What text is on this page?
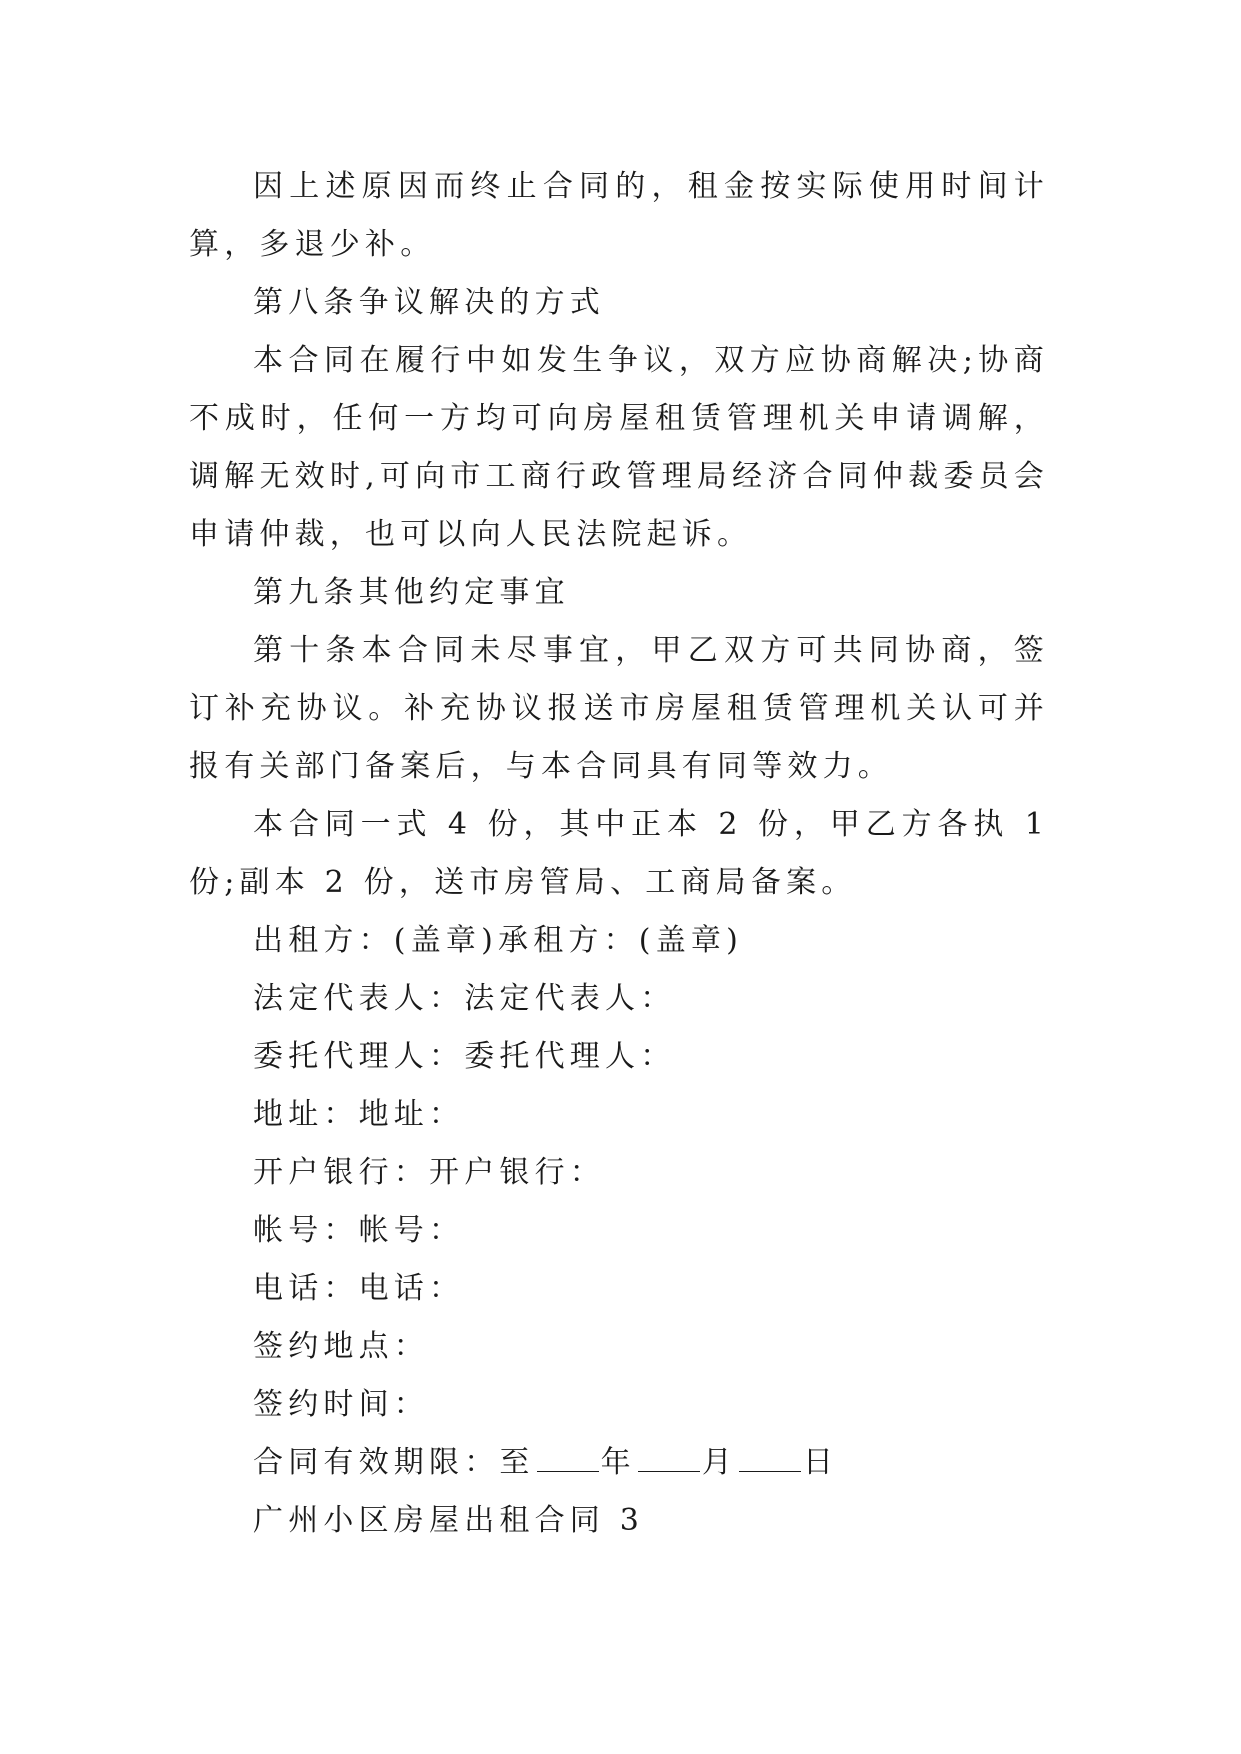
因上述原因而终止合同的，租金按实际使用时间计算，多退少补。

第八条争议解决的方式

本合同在履行中如发生争议，双方应协商解决;协商不成时，任何一方均可向房屋租赁管理机关申请调解，调解无效时,可向市工商行政管理局经济合同仲裁委员会申请仲裁，也可以向人民法院起诉。

第九条其他约定事宜

第十条本合同未尽事宜，甲乙双方可共同协商，签订补充协议。补充协议报送市房屋租赁管理机关认可并报有关部门备案后，与本合同具有同等效力。

本合同一式 4 份，其中正本 2 份，甲乙方各执 1 份;副本 2 份，送市房管局、工商局备案。

出租方：(盖章)承租方：(盖章)

法定代表人：法定代表人：

委托代理人：委托代理人：

地址：地址：

开户银行：开户银行：

帐号：帐号：

电话：电话：

签约地点：

签约时间：

合同有效期限：至 年 月 日

广州小区房屋出租合同 3
